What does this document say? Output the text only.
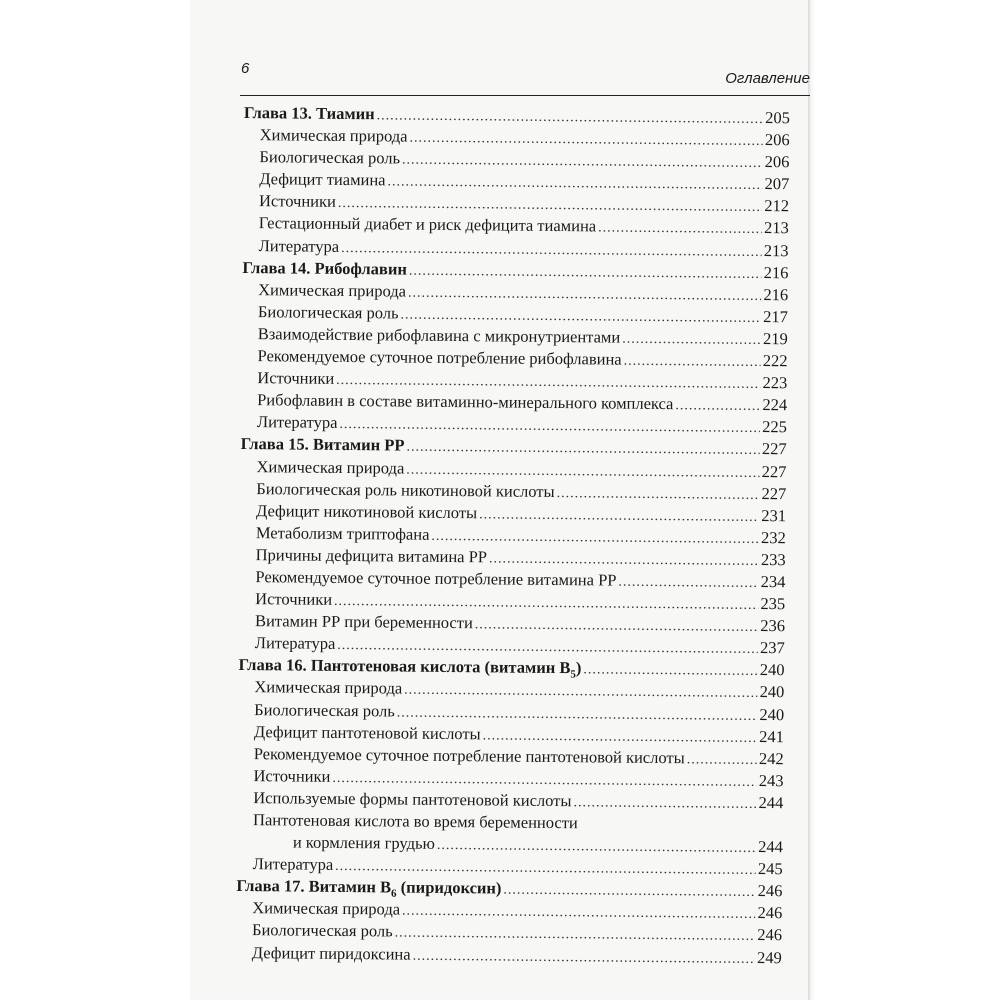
6
Оглавление
Глава 13. Тиамин .....	205
Химическая природа .....	206
Биологическая роль .....	206
Дефицит тиамина .....	207
Источники .....	212
Гестационный диабет и риск дефицита тиамина .....	213
Литература .....	213
Глава 14. Рибофлавин .....	216
Химическая природа .....	216
Биологическая роль .....	217
Взаимодействие рибофлавина с микронутриентами .....	219
Рекомендуемое суточное потребление рибофлавина .....	222
Источники .....	223
Рибофлавин в составе витаминно-минерального комплекса .....	224
Литература .....	225
Глава 15. Витамин РР .....	227
Химическая природа .....	227
Биологическая роль никотиновой кислоты .....	227
Дефицит никотиновой кислоты .....	231
Метаболизм триптофана .....	232
Причины дефицита витамина РР .....	233
Рекомендуемое суточное потребление витамина РР .....	234
Источники .....	235
Витамин РР при беременности .....	236
Литература .....	237
Глава 16. Пантотеновая кислота (витамин $B_5$) .....	240
Химическая природа .....	240
Биологическая роль .....	240
Дефицит пантотеновой кислоты .....	241
Рекомендуемое суточное потребление пантотеновой кислоты .....	242
Источники .....	243
Используемые формы пантотеновой кислоты .....	244
Пантотеновая кислота во время беременности
и кормления грудью .....	244
Литература .....	245
Глава 17. Витамин $B_6$ (пиридоксин) .....	246
Химическая природа .....	246
Биологическая роль .....	246
Дефицит пиридоксина .....	249
